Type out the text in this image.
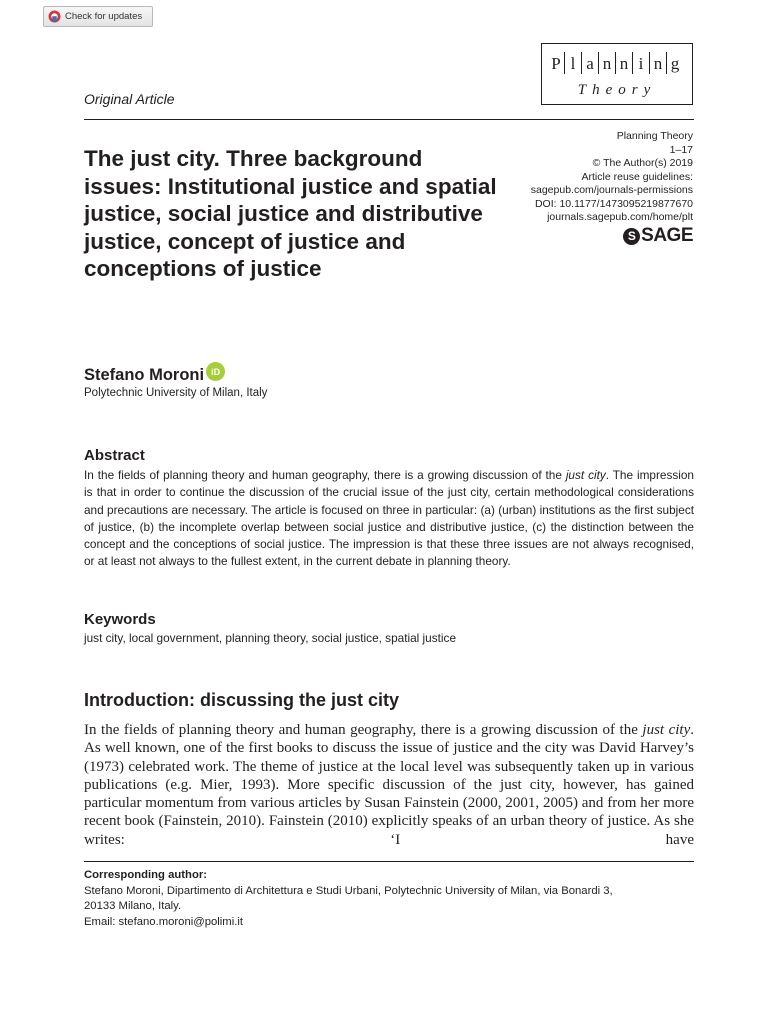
Check for updates
P l a n n i n g
Theory
Original Article
Planning Theory
1–17
© The Author(s) 2019
Article reuse guidelines:
sagepub.com/journals-permissions
DOI: 10.1177/1473095219877670
journals.sagepub.com/home/plt
S SAGE
The just city. Three background issues: Institutional justice and spatial justice, social justice and distributive justice, concept of justice and conceptions of justice
Stefano Moroni iD
Polytechnic University of Milan, Italy
Abstract

In the fields of planning theory and human geography, there is a growing discussion of the just city. The impression is that in order to continue the discussion of the crucial issue of the just city, certain methodological considerations and precautions are necessary. The article is focused on three in particular: (a) (urban) institutions as the first subject of justice, (b) the incomplete overlap between social justice and distributive justice, (c) the distinction between the concept and the conceptions of social justice. The impression is that these three issues are not always recognised, or at least not always to the fullest extent, in the current debate in planning theory.

Keywords
just city, local government, planning theory, social justice, spatial justice
Introduction: discussing the just city

In the fields of planning theory and human geography, there is a growing discussion of the just city. As well known, one of the first books to discuss the issue of justice and the city was David Harvey’s (1973) celebrated work. The theme of justice at the local level was subsequently taken up in various publications (e.g. Mier, 1993). More specific discussion of the just city, however, has gained particular momentum from various articles by Susan Fainstein (2000, 2001, 2005) and from her more recent book (Fainstein, 2010). Fainstein (2010) explicitly speaks of an urban theory of justice. As she writes: ‘I have

Corresponding author:
Stefano Moroni, Dipartimento di Architettura e Studi Urbani, Polytechnic University of Milan, via Bonardi 3,
20133 Milano, Italy.
Email: stefano.moroni@polimi.it
